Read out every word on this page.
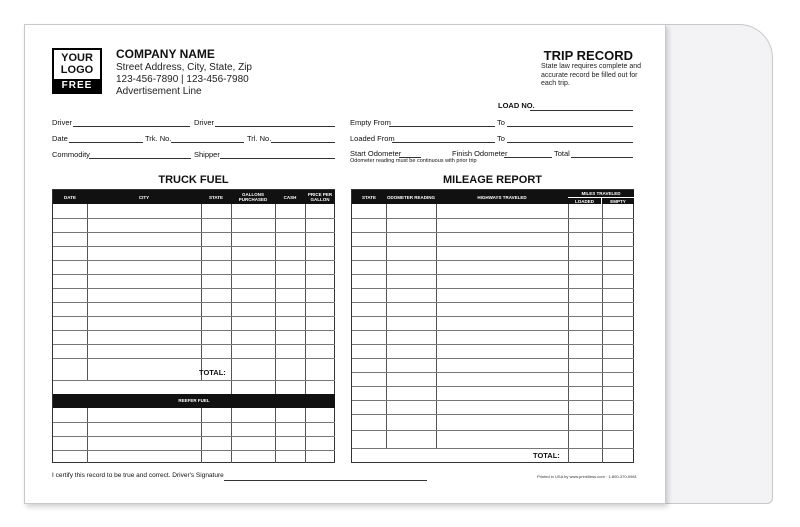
YOUR
LOGO
FREE
COMPANY NAME
Street Address, City, State, Zip
123-456-7890 | 123-456-7980
Advertisement Line
TRIP RECORD
State law requires complete and accurate record be filled out for each trip.
LOAD NO.
Driver	Driver
Date	Trk. No.	Trl. No.
Commodity	Shipper
Empty From	To
Loaded From	To
Start Odometer	Finish Odometer	Total
Odometer reading must be continuous with prior trip
TRUCK FUEL	MILEAGE REPORT
DATE	CITY	STATE	GALLONS PURCHASED	CASH	PRICE PER GALLON
TOTAL:
REEFER FUEL
STATE	ODOMETER READING	HIGHWAYS TRAVELED
MILES TRAVELED
LOADED	EMPTY
TOTAL:
I certify this record to be true and correct. Driver's Signature	Printed in USA by www.print4less.com · 1-800-370-0981
